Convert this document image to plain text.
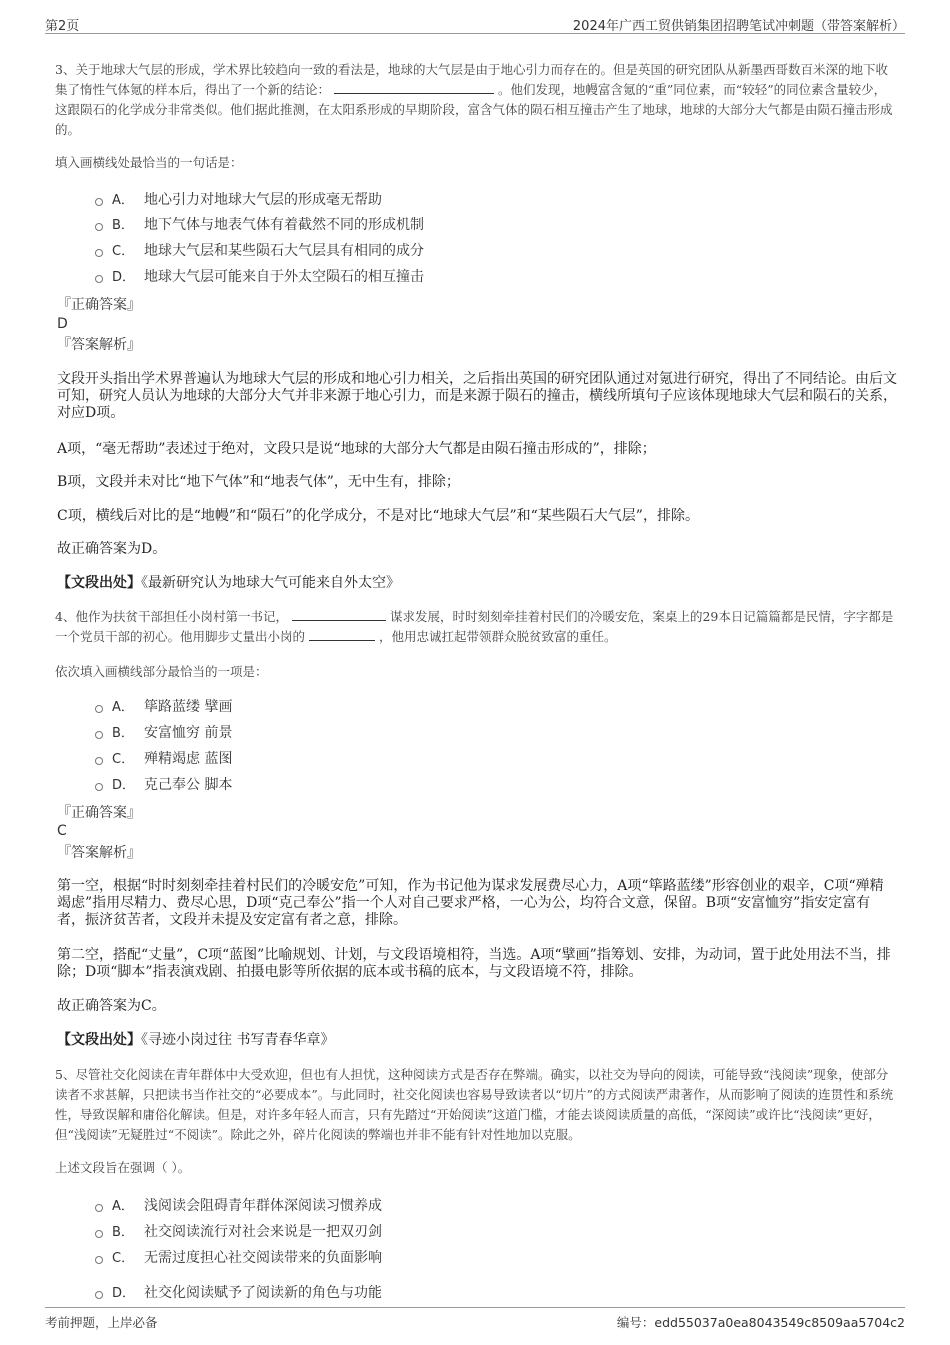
第2页	2024年广西工贸供销集团招聘笔试冲刺题（带答案解析）

3、关于地球大气层的形成，学术界比较趋向一致的看法是，地球的大气层是由于地心引力而存在的。但是英国的研究团队从新墨西哥数百米深的地下收集了惰性气体氪的样本后，得出了一个新的结论：	。他们发现，地幔富含氪的“重”同位素，而“较轻”的同位素含量较少，这跟陨石的化学成分非常类似。他们据此推测，在太阳系形成的早期阶段，富含气体的陨石相互撞击产生了地球，地球的大部分大气都是由陨石撞击形成的。

填入画横线处最恰当的一句话是：
A． 地心引力对地球大气层的形成毫无帮助
B． 地下气体与地表气体有着截然不同的形成机制
C． 地球大气层和某些陨石大气层具有相同的成分
D． 地球大气层可能来自于外太空陨石的相互撞击
『正确答案』
D
『答案解析』

文段开头指出学术界普遍认为地球大气层的形成和地心引力相关，之后指出英国的研究团队通过对氪进行研究，得出了不同结论。由后文可知，研究人员认为地球的大部分大气并非来源于地心引力，而是来源于陨石的撞击，横线所填句子应该体现地球大气层和陨石的关系，对应D项。

A项，“毫无帮助”表述过于绝对，文段只是说“地球的大部分大气都是由陨石撞击形成的”，排除；

B项，文段并未对比“地下气体”和“地表气体”，无中生有，排除；

C项，横线后对比的是“地幔”和“陨石”的化学成分，不是对比“地球大气层”和“某些陨石大气层”，排除。

故正确答案为D。

【文段出处】《最新研究认为地球大气可能来自外太空》

4、他作为扶贫干部担任小岗村第一书记，	谋求发展，时时刻刻牵挂着村民们的冷暖安危，案桌上的29本日记篇篇都是民情，字字都是一个党员干部的初心。他用脚步丈量出小岗的	，他用忠诚扛起带领群众脱贫致富的重任。

依次填入画横线部分最恰当的一项是：
A． 筚路蓝缕 擘画
B． 安富恤穷 前景
C． 殚精竭虑 蓝图
D． 克己奉公 脚本
『正确答案』
C
『答案解析』

第一空，根据“时时刻刻牵挂着村民们的冷暖安危”可知，作为书记他为谋求发展费尽心力，A项“筚路蓝缕”形容创业的艰辛，C项“殚精竭虑”指用尽精力、费尽心思，D项“克己奉公”指一个人对自己要求严格，一心为公，均符合文意，保留。B项“安富恤穷”指安定富有者，振济贫苦者，文段并未提及安定富有者之意，排除。

第二空，搭配“丈量”，C项“蓝图”比喻规划、计划，与文段语境相符，当选。A项“擘画”指筹划、安排，为动词，置于此处用法不当，排除；D项“脚本”指表演戏剧、拍摄电影等所依据的底本或书稿的底本，与文段语境不符，排除。

故正确答案为C。

【文段出处】《寻迹小岗过往 书写青春华章》

5、尽管社交化阅读在青年群体中大受欢迎，但也有人担忧，这种阅读方式是否存在弊端。确实，以社交为导向的阅读，可能导致“浅阅读”现象，使部分读者不求甚解，只把读书当作社交的“必要成本”。与此同时，社交化阅读也容易导致读者以“切片”的方式阅读严肃著作，从而影响了阅读的连贯性和系统性，导致误解和庸俗化解读。但是，对许多年轻人而言，只有先踏过“开始阅读”这道门槛，才能去谈阅读质量的高低，“深阅读”或许比“浅阅读”更好，但“浅阅读”无疑胜过“不阅读”。除此之外，碎片化阅读的弊端也并非不能有针对性地加以克服。

上述文段旨在强调（ ）。
A． 浅阅读会阻碍青年群体深阅读习惯养成
B． 社交阅读流行对社会来说是一把双刃剑
C． 无需过度担心社交阅读带来的负面影响
D． 社交化阅读赋予了阅读新的角色与功能
考前押题，上岸必备	编号：edd55037a0ea8043549c8509aa5704c2
